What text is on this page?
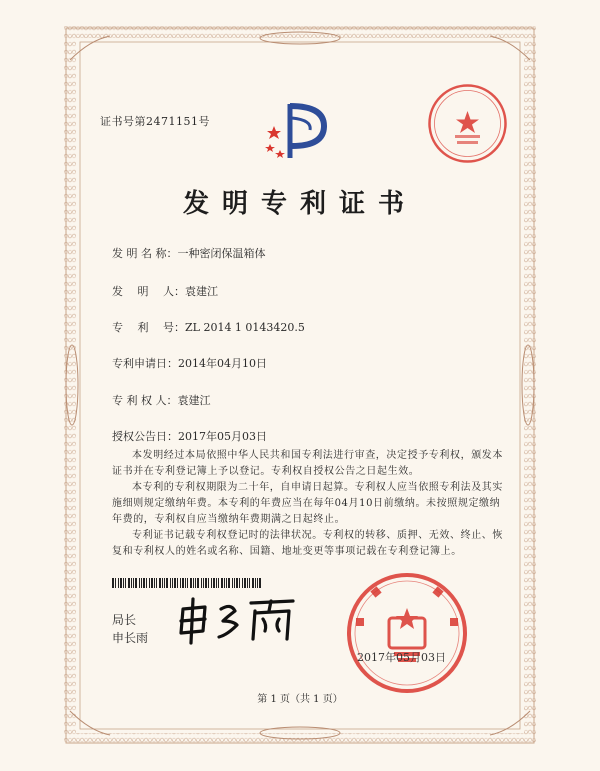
证书号第2471151号
发明专利证书
发 明 名 称：一种密闭保温箱体
发　 明　 人：袁建江
专　 利　 号：ZL 2014 1 0143420.5
专利申请日：2014年04月10日
专 利 权 人：袁建江
授权公告日：2017年05月03日

本发明经过本局依照中华人民共和国专利法进行审查，决定授予专利权，颁发本证书并在专利登记簿上予以登记。专利权自授权公告之日起生效。

本专利的专利权期限为二十年，自申请日起算。专利权人应当依照专利法及其实施细则规定缴纳年费。本专利的年费应当在每年04月10日前缴纳。未按照规定缴纳年费的，专利权自应当缴纳年费期满之日起终止。

专利证书记载专利权登记时的法律状况。专利权的转移、质押、无效、终止、恢复和专利权人的姓名或名称、国籍、地址变更等事项记载在专利登记簿上。

局长
申长雨
2017年05月03日
第 1 页（共 1 页）
